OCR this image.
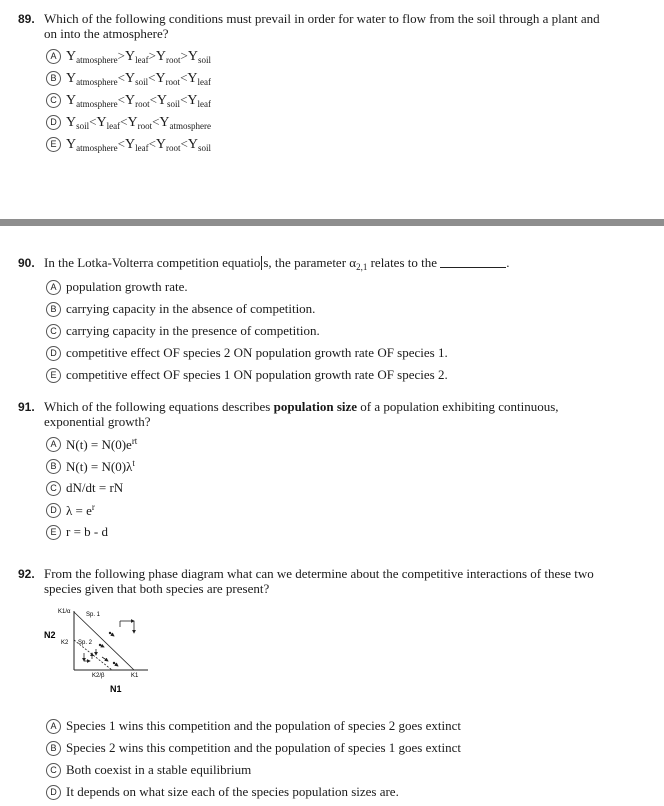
89. Which of the following conditions must prevail in order for water to flow from the soil through a plant and on into the atmosphere?
A $Y_{atmosphere}>Y_{leaf}>Y_{root}>Y_{soil}$
B $Y_{atmosphere}<Y_{soil}<Y_{root}<Y_{leaf}$
C $Y_{atmosphere}<Y_{root}<Y_{soil}<Y_{leaf}$
D $Y_{soil}<Y_{leaf}<Y_{root}<Y_{atmosphere}$
E $Y_{atmosphere}<Y_{leaf}<Y_{root}<Y_{soil}$
90. In the Lotka-Volterra competition equatio s, the parameter $\alpha_{2,1}$ relates to the	.
A population growth rate.
B carrying capacity in the absence of competition.
C carrying capacity in the presence of competition.
D competitive effect OF species 2 ON population growth rate OF species 1.
E competitive effect OF species 1 ON population growth rate OF species 2.
91. Which of the following equations describes population size of a population exhibiting continuous, exponential growth?
A $N(t) = N(0)e^{rt}$
B $N(t) = N(0)\lambda^t$
C dN/dt = rN
D $\lambda = e^r$
E r = b - d
92. From the following phase diagram what can we determine about the competitive interactions of these two species given that both species are present?
K1/α	Sp. 1
N2
K2 Sp. 2
K2/β	K1
N1
A Species 1 wins this competition and the population of species 2 goes extinct
B Species 2 wins this competition and the population of species 1 goes extinct
C Both coexist in a stable equilibrium
D It depends on what size each of the species population sizes are.
